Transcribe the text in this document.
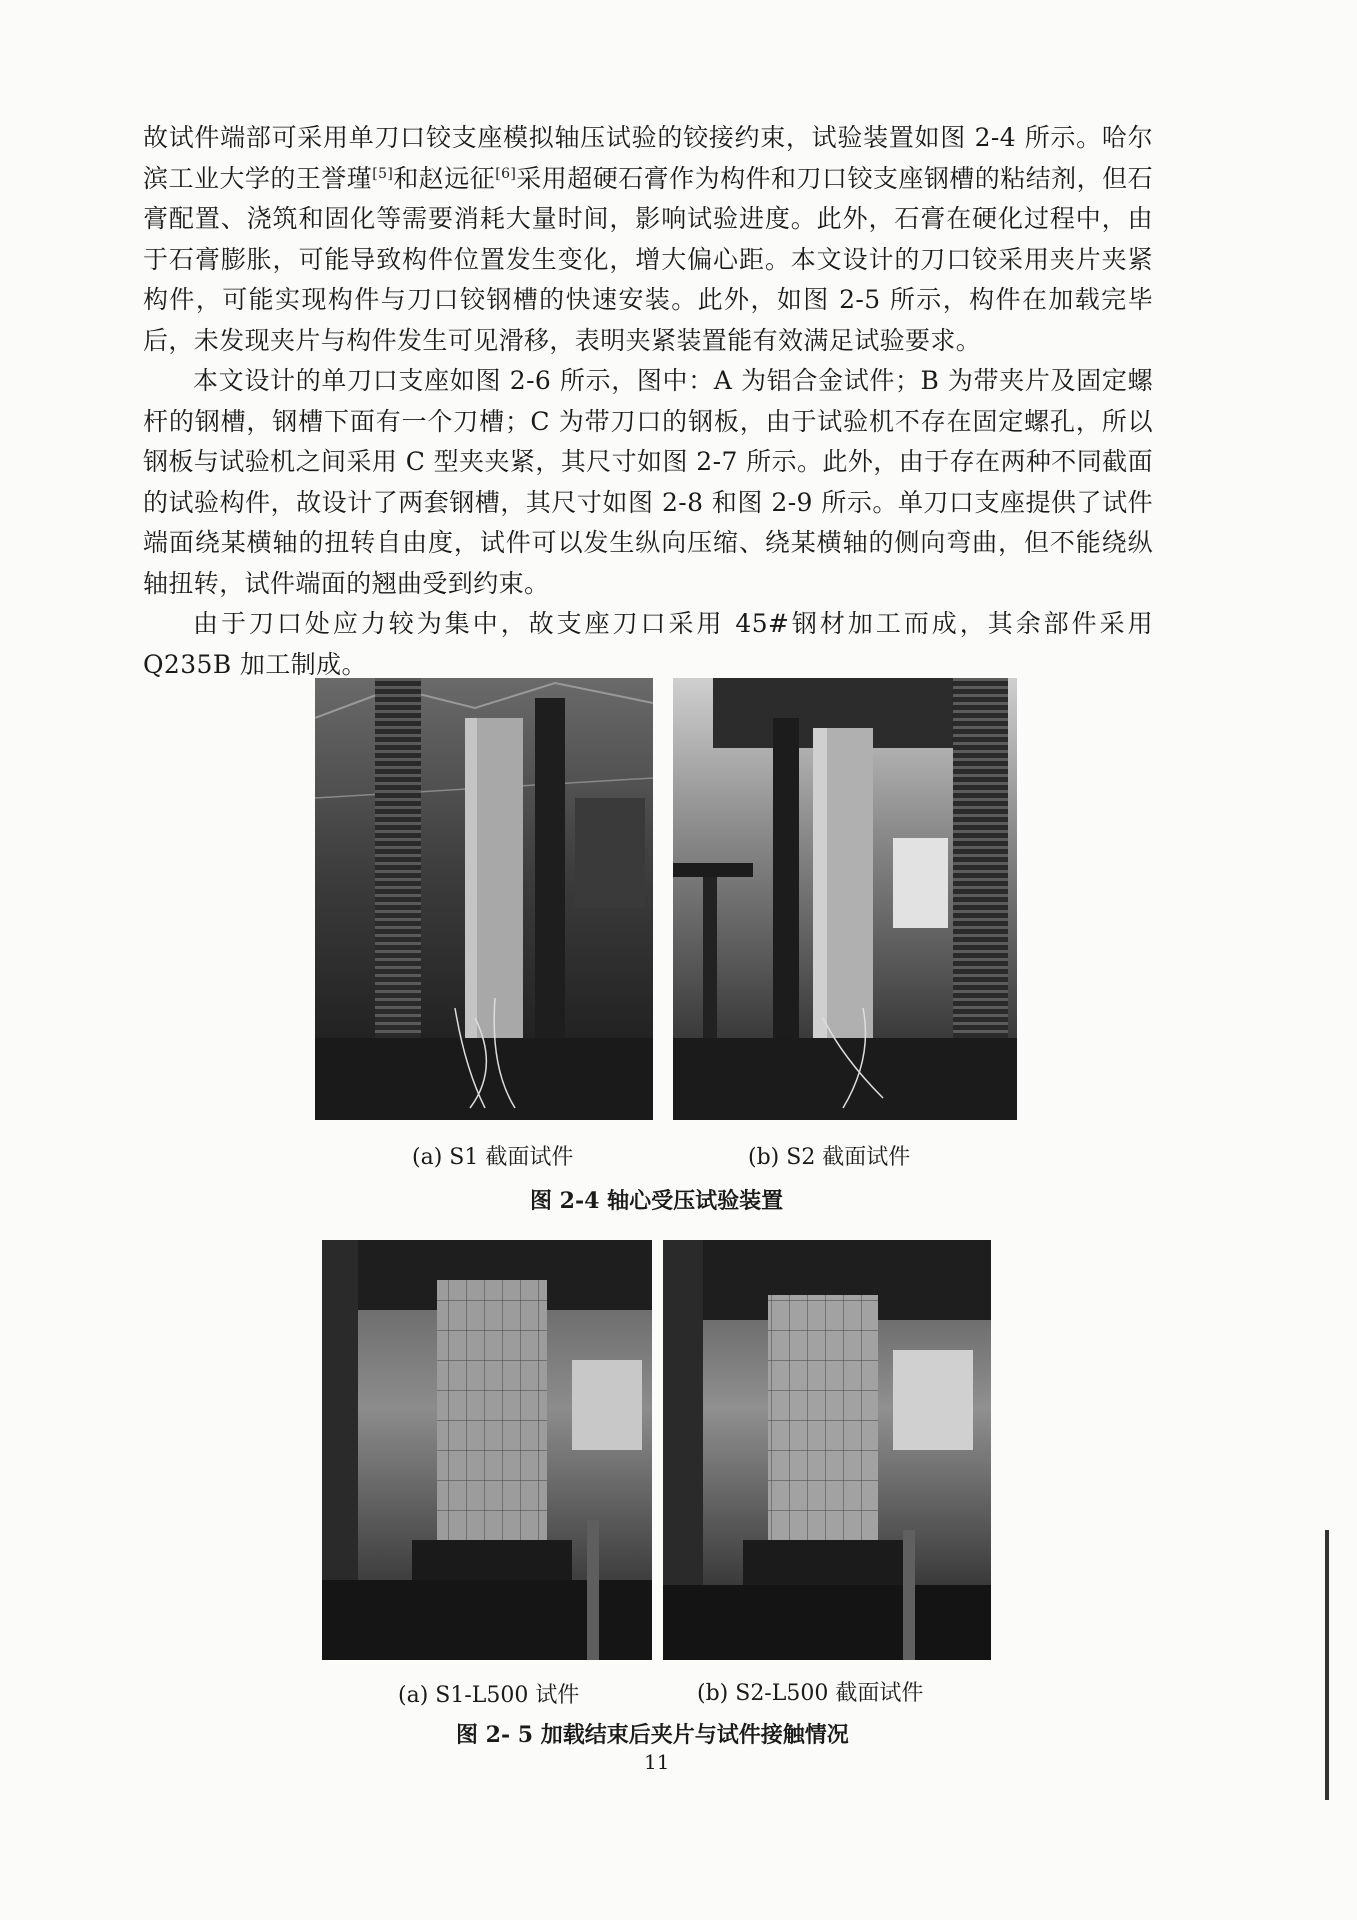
故试件端部可采用单刀口铰支座模拟轴压试验的铰接约束，试验装置如图 2-4 所示。哈尔滨工业大学的王誉瑾[5]和赵远征[6]采用超硬石膏作为构件和刀口铰支座钢槽的粘结剂，但石膏配置、浇筑和固化等需要消耗大量时间，影响试验进度。此外，石膏在硬化过程中，由于石膏膨胀，可能导致构件位置发生变化，增大偏心距。本文设计的刀口铰采用夹片夹紧构件，可能实现构件与刀口铰钢槽的快速安装。此外，如图 2-5 所示，构件在加载完毕后，未发现夹片与构件发生可见滑移，表明夹紧装置能有效满足试验要求。

本文设计的单刀口支座如图 2-6 所示，图中：A 为铝合金试件；B 为带夹片及固定螺杆的钢槽，钢槽下面有一个刀槽；C 为带刀口的钢板，由于试验机不存在固定螺孔，所以钢板与试验机之间采用 C 型夹夹紧，其尺寸如图 2-7 所示。此外，由于存在两种不同截面的试验构件，故设计了两套钢槽，其尺寸如图 2-8 和图 2-9 所示。单刀口支座提供了试件端面绕某横轴的扭转自由度，试件可以发生纵向压缩、绕某横轴的侧向弯曲，但不能绕纵轴扭转，试件端面的翘曲受到约束。

由于刀口处应力较为集中，故支座刀口采用 45#钢材加工而成，其余部件采用 Q235B 加工制成。

(a) S1 截面试件	(b) S2 截面试件
图 2-4 轴心受压试验装置
(a) S1-L500 试件	(b) S2-L500 截面试件
图 2- 5 加载结束后夹片与试件接触情况
11
